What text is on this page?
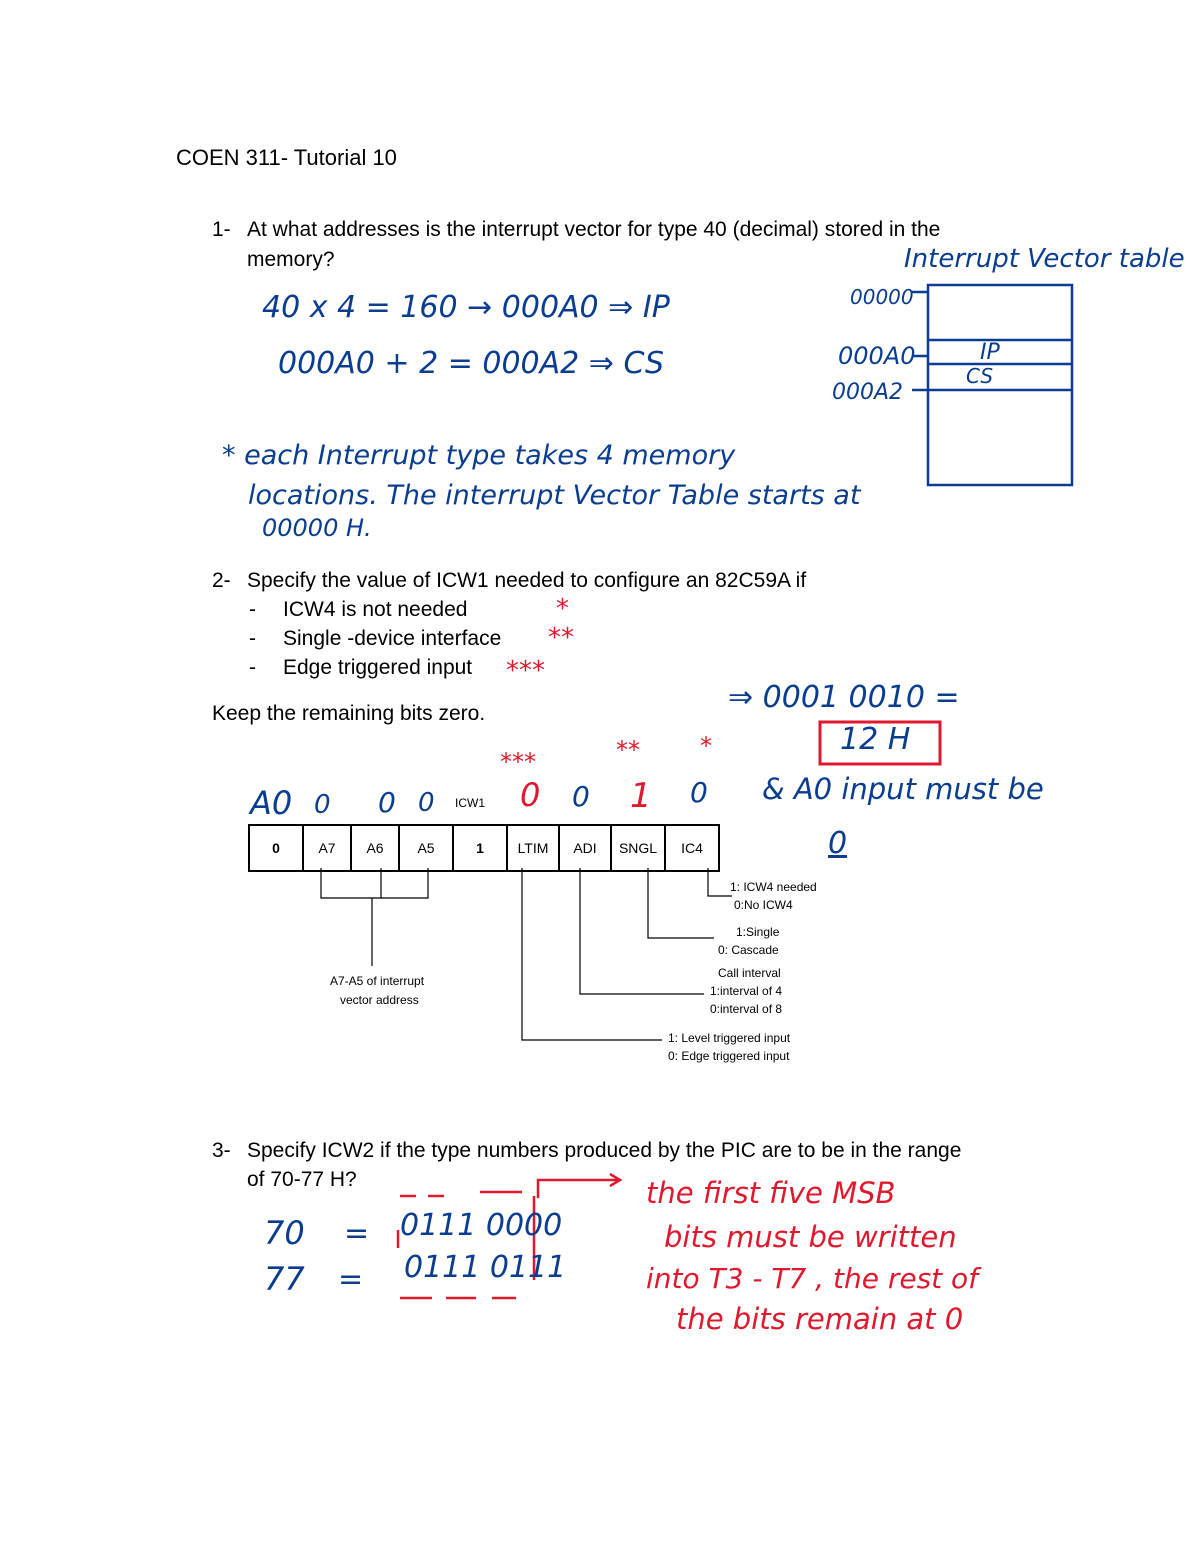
COEN 311- Tutorial 10
1- At what addresses is the interrupt vector for type 40 (decimal) stored in the
memory?
40 x 4 = 160 → 000A0 ⇒ IP
000A0 + 2 = 000A2 ⇒ CS
* each Interrupt type takes 4 memory
locations. The interrupt Vector Table starts at
00000 H.
Interrupt Vector table
00000
000A0
000A2
IP
CS
2- Specify the value of ICW1 needed to configure an 82C59A if
- ICW4 is not needed	*
- Single -device interface **
- Edge triggered input ***
Keep the remaining bits zero.	⇒ 0001 0010 =
12 H
& A0 input must be
0
A0 0 0 0 ICW1 0 0 1 0
***	**	*
0	A7	A6	A5	1	LTIM	ADI	SNGL	IC4
1: ICW4 needed
0:No ICW4
1:Single
0: Cascade
Call interval
1:interval of 4
0:interval of 8
1: Level triggered input
0: Edge triggered input
A7-A5 of interrupt
vector address
3- Specify ICW2 if the type numbers produced by the PIC are to be in the range
of 70-77 H?
70 = 0111 0000
77 = 0111 0111
the first five MSB
bits must be written
into T3 - T7 , the rest of
the bits remain at 0
